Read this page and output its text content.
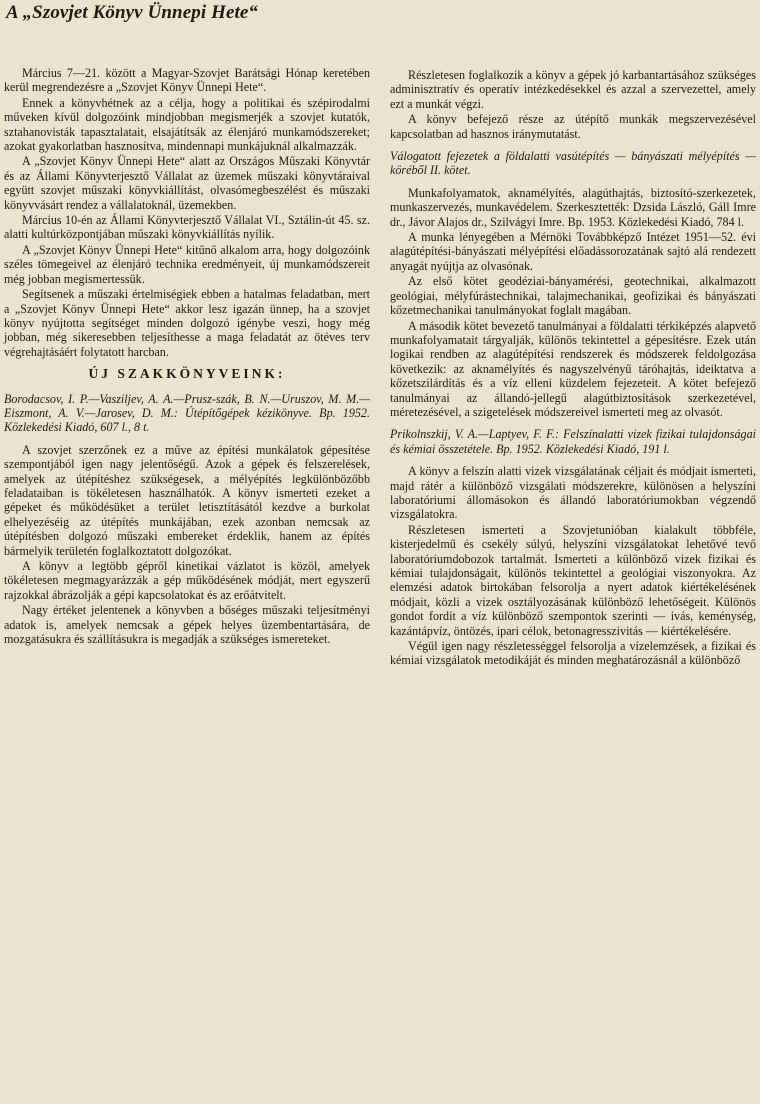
A „Szovjet Könyv Ünnepi Hete“

Március 7—21. között a Magyar-Szovjet Barátsági Hónap keretében kerül megrendezésre a „Szovjet Könyv Ünnepi Hete“.

Ennek a könyvhétnek az a célja, hogy a politikai és szépirodalmi műveken kívül dolgozóink mindjobban megismerjék a szovjet kutatók, sztahanovisták tapasztalatait, elsajátítsák az élenjáró munkamódszereket; azokat gyakorlatban hasznosítva, mindennapi munkájuknál alkalmazzák.

A „Szovjet Könyv Ünnepi Hete“ alatt az Országos Műszaki Könyvtár és az Állami Könyvterjesztő Vállalat az üzemek műszaki könyvtáraival együtt szovjet műszaki könyvkiállítást, olvasómegbeszélést és műszaki könyvvásárt rendez a vállalatoknál, üzemekben.

Március 10-én az Állami Könyvterjesztő Vállalat VI., Sztálin-út 45. sz. alatti kultúrközpontjában műszaki könyvkiállítás nyílik.

A „Szovjet Könyv Ünnepi Hete“ kitűnő alkalom arra, hogy dolgozóink széles tömegeivel az élenjáró technika eredményeit, új munkamódszereit még jobban megismertessük.

Segítsenek a műszaki értelmiségiek ebben a hatalmas feladatban, mert a „Szovjet Könyv Ünnepi Hete“ akkor lesz igazán ünnep, ha a szovjet könyv nyújtotta segítséget minden dolgozó igénybe veszi, hogy még jobban, még sikeresebben teljesíthesse a maga feladatát az ötéves terv végrehajtásáért folytatott harcban.

ÚJ SZAKKÖNYVEINK:

Borodacsov, I. P.—Vasziljev, A. A.—Prusz-szák, B. N.—Uruszov, M. M.—Eiszmont, A. V.—Jarosev, D. M.: Útépítőgépek kézikönyve. Bp. 1952. Közlekedési Kiadó, 607 l., 8 t.

A szovjet szerzőnek ez a műve az építési munkálatok gépesítése szempontjából igen nagy jelentőségű. Azok a gépek és felszerelések, amelyek az útépítéshez szükségesek, a mélyépítés legkülönbözőbb feladataiban is tökéletesen használhatók. A könyv ismerteti ezeket a gépeket és működésüket a terület letisztításától kezdve a burkolat elhelyezéséig az útépítés munkájában, ezek azonban nemcsak az útépítésben dolgozó műszaki embereket érdeklik, hanem az építés bármelyik területén foglalkoztatott dolgozókat.

A könyv a legtöbb gépről kinetikai vázlatot is közöl, amelyek tökéletesen megmagyarázzák a gép működésének módját, mert egyszerű rajzokkal ábrázolják a gépi kapcsolatokat és az erőátvitelt.

Nagy értéket jelentenek a könyvben a bőséges műszaki teljesítményi adatok is, amelyek nemcsak a gépek helyes üzembentartására, de mozgatásukra és szállításukra is megadják a szükséges ismereteket.

Részletesen foglalkozik a könyv a gépek jó karbantartásához szükséges adminisztratív és operatív intézkedésekkel és azzal a szervezettel, amely ezt a munkát végzi.

A könyv befejező része az útépítő munkák megszervezésével kapcsolatban ad hasznos iránymutatást.

Válogatott fejezetek a földalatti vasútépítés — bányászati mélyépítés — köréből II. kötet.

Munkafolyamatok, aknamélyítés, alagúthajtás, biztosító-szerkezetek, munkaszervezés, munkavédelem. Szerkesztették: Dzsida László, Gáll Imre dr., Jávor Alajos dr., Szilvágyi Imre. Bp. 1953. Közlekedési Kiadó, 784 l.

A munka lényegében a Mérnöki Továbbképző Intézet 1951—52. évi alagútépítési-bányászati mélyépítési előadássorozatának sajtó alá rendezett anyagát nyújtja az olvasónak.

Az első kötet geodéziai-bányamérési, geotechnikai, alkalmazott geológiai, mélyfúrástechnikai, talajmechanikai, geofizikai és bányászati kőzetmechanikai tanulmányokat foglalt magában.

A második kötet bevezető tanulmányai a földalatti térkiképzés alapvető munkafolyamatait tárgyalják, különös tekintettel a gépesítésre. Ezek után logikai rendben az alagútépítési rendszerek és módszerek feldolgozása következik: az aknamélyítés és nagyszelvényű táróhajtás, ideiktatva a kőzetszilárdítás és a víz elleni küzdelem fejezeteit. A kötet befejező tanulmányai az állandó-jellegű alagútbiztosítások szerkezetével, méretezésével, a szigetelések módszereivel ismerteti meg az olvasót.

Prikolnszkij, V. A.—Laptyev, F. F.: Felszínalatti vizek fizikai tulajdonságai és kémiai összetétele. Bp. 1952. Közlekedési Kiadó, 191 l.

A könyv a felszín alatti vizek vizsgálatának céljait és módjait ismerteti, majd rátér a különböző vizsgálati módszerekre, különösen a helyszíni laboratóriumi állomásokon és állandó laboratóriumokban végzendő vizsgálatokra.

Részletesen ismerteti a Szovjetunióban kialakult többféle, kisterjedelmű és csekély súlyú, helyszíni vizsgálatokat lehetővé tevő laboratóriumdobozok tartalmát. Ismerteti a különböző vizek fizikai és kémiai tulajdonságait, különös tekintettel a geológiai viszonyokra. Az elemzési adatok birtokában felsorolja a nyert adatok kiértékelésének módjait, közli a vizek osztályozásának különböző lehetőségeit. Különös gondot fordít a víz különböző szempontok szerinti — ivás, keménység, kazántápvíz, öntözés, ipari célok, betonagresszivitás — kiértékelésére.

Végül igen nagy részletességgel felsorolja a vízelemzések, a fizikai és kémiai vizsgálatok metodikáját és minden meghatározásnál a különböző
